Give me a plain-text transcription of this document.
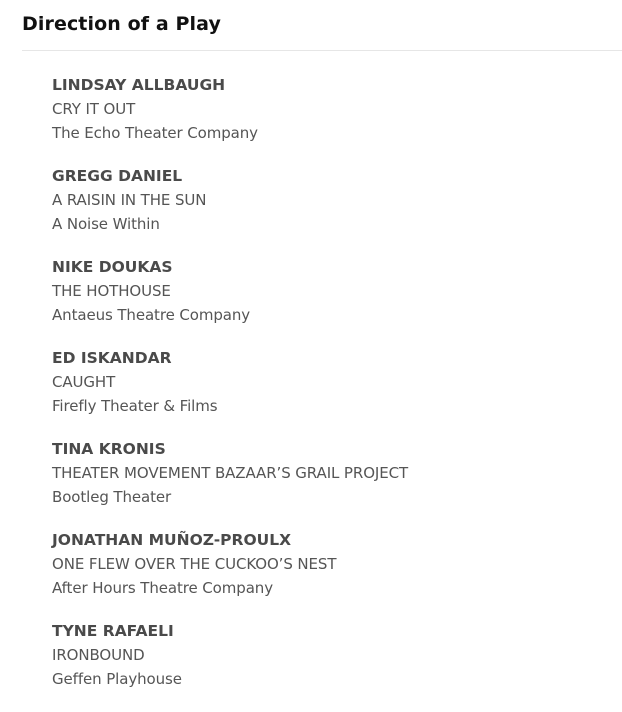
Direction of a Play
LINDSAY ALLBAUGH
CRY IT OUT
The Echo Theater Company
GREGG DANIEL
A RAISIN IN THE SUN
A Noise Within
NIKE DOUKAS
THE HOTHOUSE
Antaeus Theatre Company
ED ISKANDAR
CAUGHT
Firefly Theater & Films
TINA KRONIS
THEATER MOVEMENT BAZAAR’S GRAIL PROJECT
Bootleg Theater
JONATHAN MUÑOZ-PROULX
ONE FLEW OVER THE CUCKOO’S NEST
After Hours Theatre Company
TYNE RAFAELI
IRONBOUND
Geffen Playhouse
